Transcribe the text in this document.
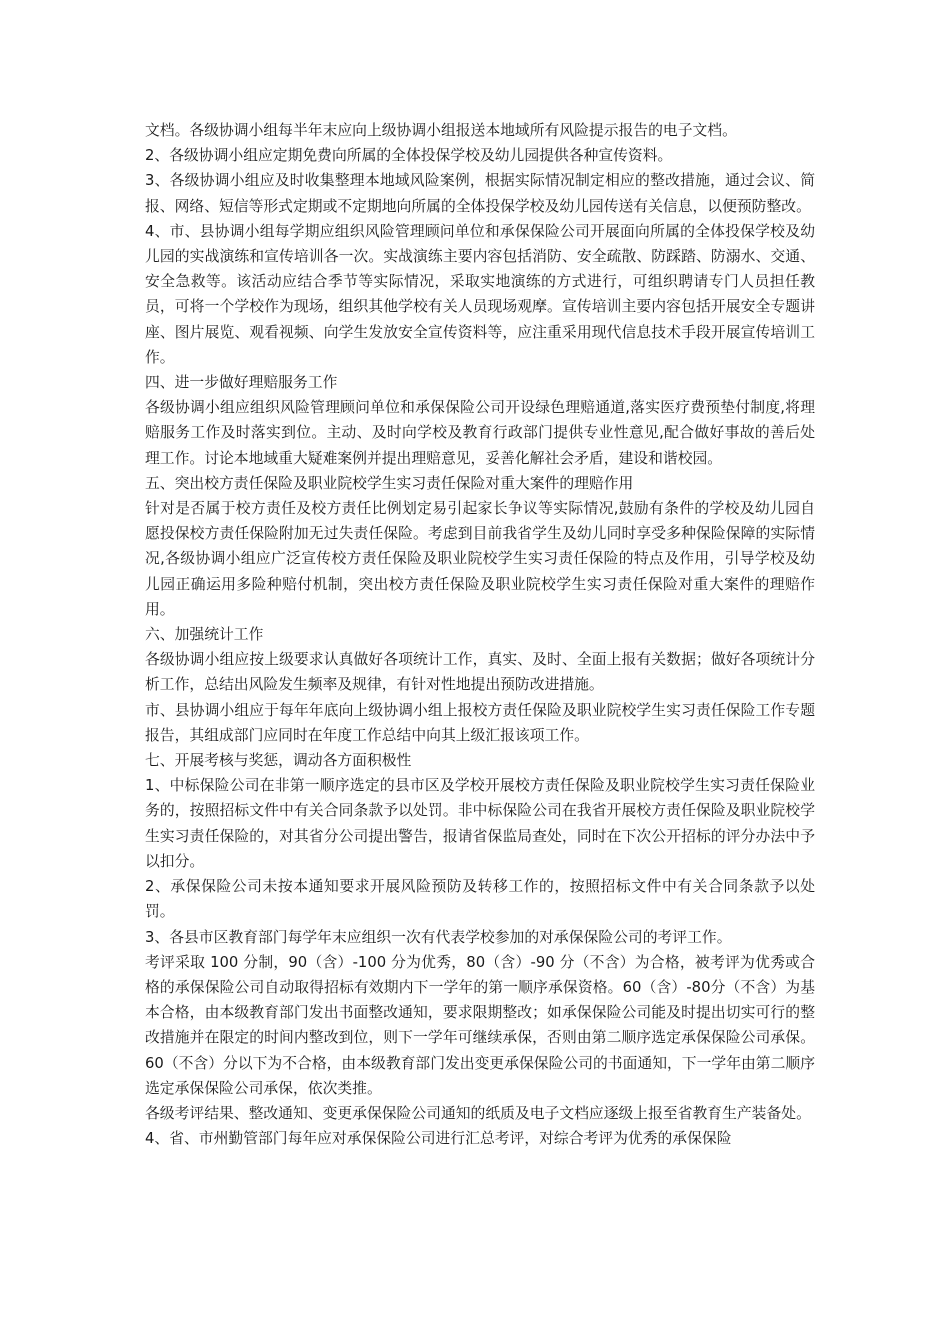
文档。各级协调小组每半年末应向上级协调小组报送本地域所有风险提示报告的电子文档。

2、各级协调小组应定期免费向所属的全体投保学校及幼儿园提供各种宣传资料。

3、各级协调小组应及时收集整理本地域风险案例，根据实际情况制定相应的整改措施，通过会议、简报、网络、短信等形式定期或不定期地向所属的全体投保学校及幼儿园传送有关信息，以便预防整改。

4、市、县协调小组每学期应组织风险管理顾问单位和承保保险公司开展面向所属的全体投保学校及幼儿园的实战演练和宣传培训各一次。实战演练主要内容包括消防、安全疏散、防踩踏、防溺水、交通、安全急救等。该活动应结合季节等实际情况，采取实地演练的方式进行，可组织聘请专门人员担任教员，可将一个学校作为现场，组织其他学校有关人员现场观摩。宣传培训主要内容包括开展安全专题讲座、图片展览、观看视频、向学生发放安全宣传资料等，应注重采用现代信息技术手段开展宣传培训工作。

四、进一步做好理赔服务工作

各级协调小组应组织风险管理顾问单位和承保保险公司开设绿色理赔通道,落实医疗费预垫付制度,将理赔服务工作及时落实到位。主动、及时向学校及教育行政部门提供专业性意见,配合做好事故的善后处理工作。讨论本地域重大疑难案例并提出理赔意见，妥善化解社会矛盾，建设和谐校园。

五、突出校方责任保险及职业院校学生实习责任保险对重大案件的理赔作用

针对是否属于校方责任及校方责任比例划定易引起家长争议等实际情况,鼓励有条件的学校及幼儿园自愿投保校方责任保险附加无过失责任保险。考虑到目前我省学生及幼儿同时享受多种保险保障的实际情况,各级协调小组应广泛宣传校方责任保险及职业院校学生实习责任保险的特点及作用，引导学校及幼儿园正确运用多险种赔付机制，突出校方责任保险及职业院校学生实习责任保险对重大案件的理赔作用。

六、加强统计工作

各级协调小组应按上级要求认真做好各项统计工作，真实、及时、全面上报有关数据；做好各项统计分析工作，总结出风险发生频率及规律，有针对性地提出预防改进措施。

市、县协调小组应于每年年底向上级协调小组上报校方责任保险及职业院校学生实习责任保险工作专题报告，其组成部门应同时在年度工作总结中向其上级汇报该项工作。

七、开展考核与奖惩，调动各方面积极性

1、中标保险公司在非第一顺序选定的县市区及学校开展校方责任保险及职业院校学生实习责任保险业务的，按照招标文件中有关合同条款予以处罚。非中标保险公司在我省开展校方责任保险及职业院校学生实习责任保险的，对其省分公司提出警告，报请省保监局查处，同时在下次公开招标的评分办法中予以扣分。

2、承保保险公司未按本通知要求开展风险预防及转移工作的，按照招标文件中有关合同条款予以处罚。

3、各县市区教育部门每学年末应组织一次有代表学校参加的对承保保险公司的考评工作。

考评采取 100 分制，90（含）-100 分为优秀，80（含）-90 分（不含）为合格，被考评为优秀或合格的承保保险公司自动取得招标有效期内下一学年的第一顺序承保资格。60（含）-80分（不含）为基本合格，由本级教育部门发出书面整改通知，要求限期整改；如承保保险公司能及时提出切实可行的整改措施并在限定的时间内整改到位，则下一学年可继续承保，否则由第二顺序选定承保保险公司承保。60（不含）分以下为不合格，由本级教育部门发出变更承保保险公司的书面通知，下一学年由第二顺序选定承保保险公司承保，依次类推。

各级考评结果、整改通知、变更承保保险公司通知的纸质及电子文档应逐级上报至省教育生产装备处。

4、省、市州勤管部门每年应对承保保险公司进行汇总考评，对综合考评为优秀的承保保险
